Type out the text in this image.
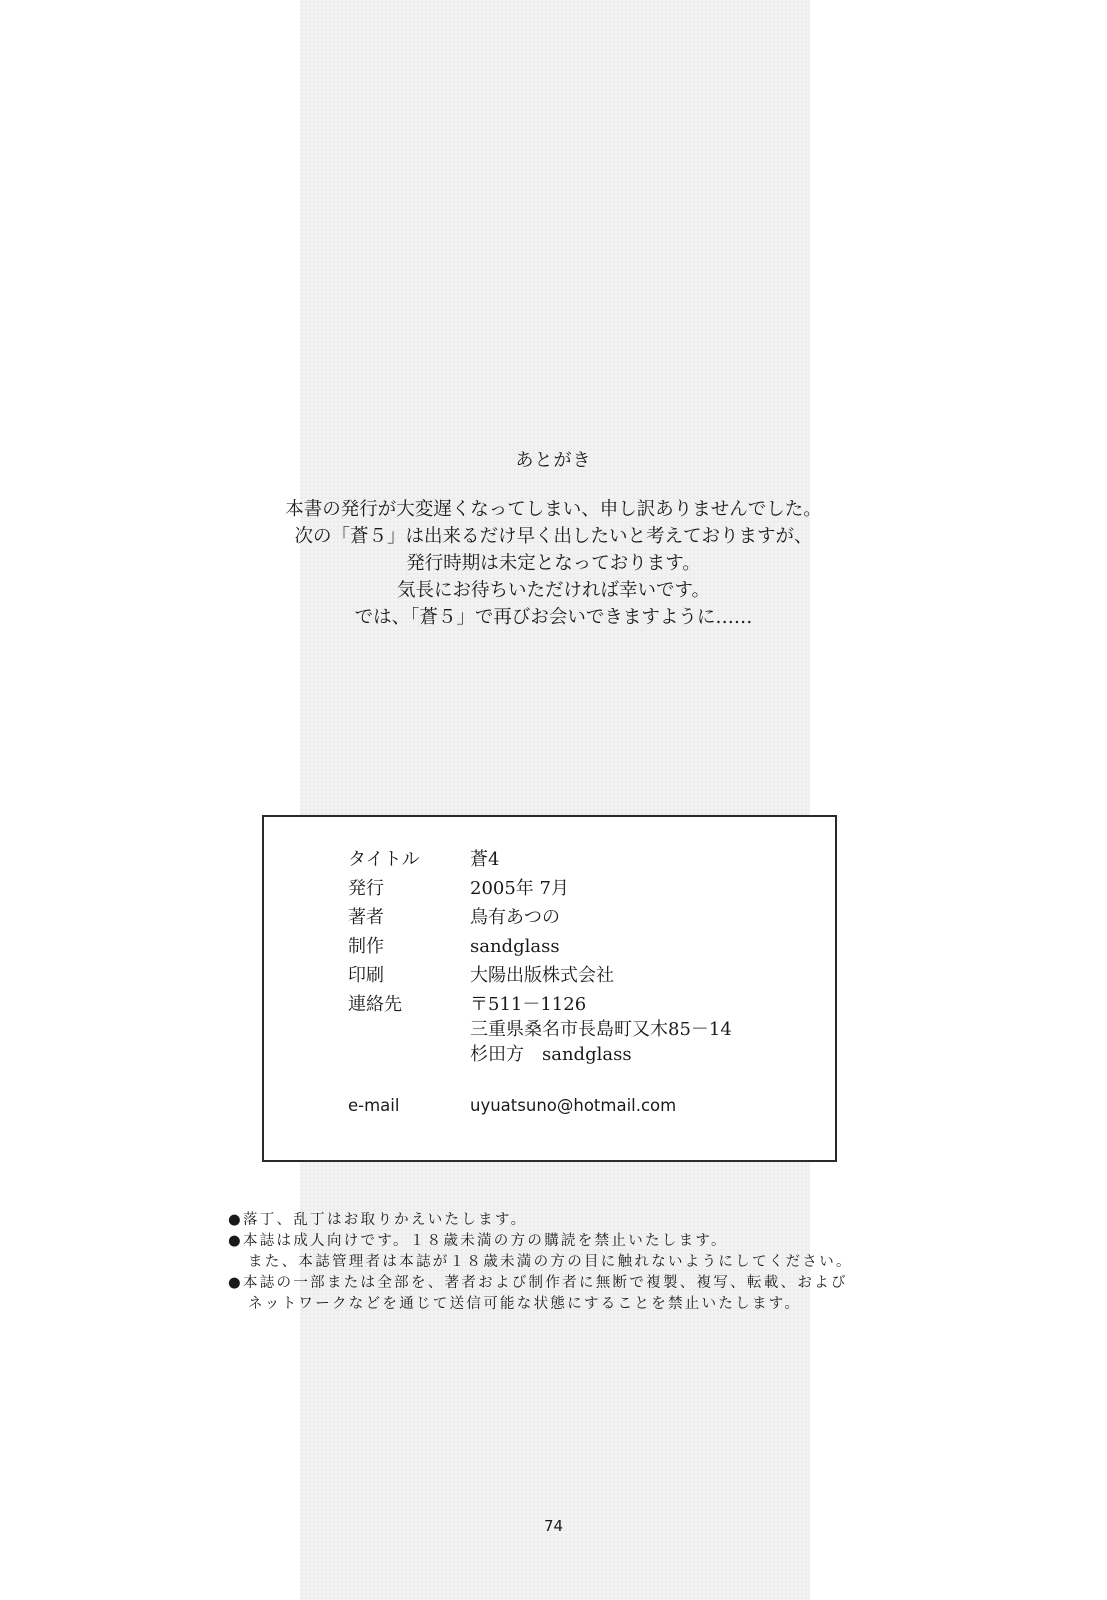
あとがき
本書の発行が大変遅くなってしまい、申し訳ありませんでした。
次の「蒼５」は出来るだけ早く出したいと考えておりますが、
発行時期は未定となっております。
気長にお待ちいただければ幸いです。
では、「蒼５」で再びお会いできますように……
タイトル	蒼4
発行	2005年 7月
著者	鳥有あつの
制作	sandglass
印刷	大陽出版株式会社
連絡先	〒511－1126
三重県桑名市長島町又木85－14
杉田方　sandglass
e-mail	uyuatsuno@hotmail.com
●落丁、乱丁はお取りかえいたします。
●本誌は成人向けです。１８歳未満の方の購読を禁止いたします。
また、本誌管理者は本誌が１８歳未満の方の目に触れないようにしてください。
●本誌の一部または全部を、著者および制作者に無断で複製、複写、転載、および
ネットワークなどを通じて送信可能な状態にすることを禁止いたします。
74
